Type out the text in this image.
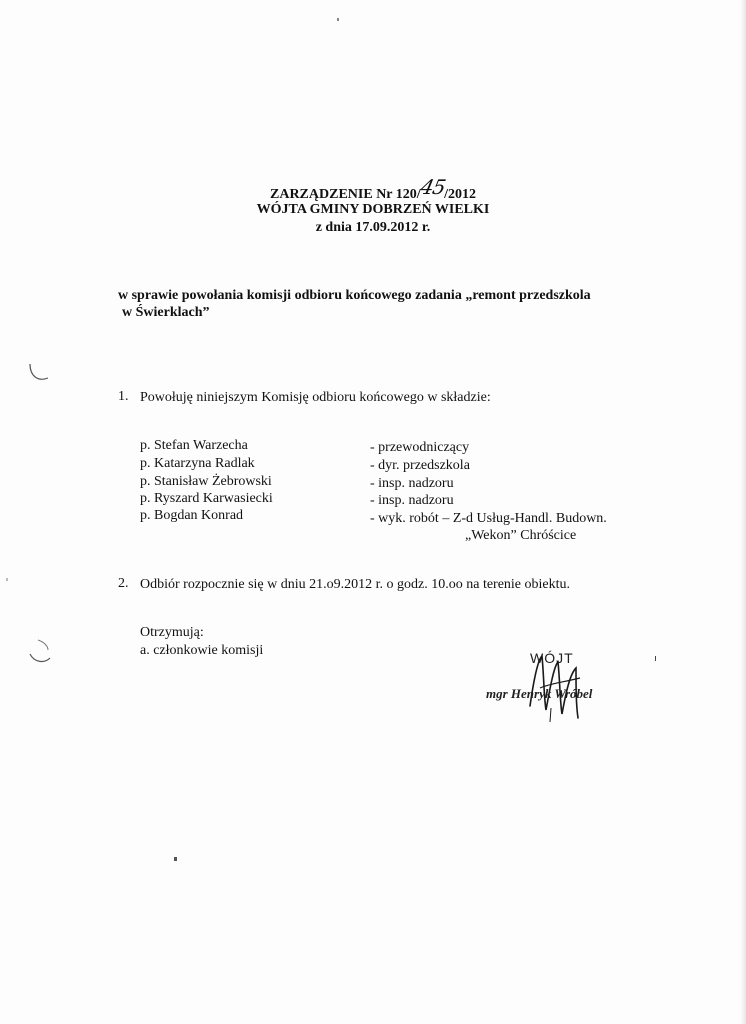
ZARZĄDZENIE Nr 120/45/2012
WÓJTA GMINY DOBRZEŃ WIELKI
z dnia 17.09.2012 r.
w sprawie powołania komisji odbioru końcowego zadania „remont przedszkola
w Świerklach”
1. Powołuję niniejszym Komisję odbioru końcowego w składzie:
p. Stefan Warzecha	- przewodniczący
p. Katarzyna Radlak	- dyr. przedszkola
p. Stanisław Żebrowski	- insp. nadzoru
p. Ryszard Karwasiecki	- insp. nadzoru
p. Bogdan Konrad	- wyk. robót – Z-d Usług-Handl. Budown.
„Wekon” Chróścice
2. Odbiór rozpocznie się w dniu 21.o9.2012 r. o godz. 10.oo na terenie obiektu.
Otrzymują:
a. członkowie komisji	WÓJT
mgr Henryk Wróbel
